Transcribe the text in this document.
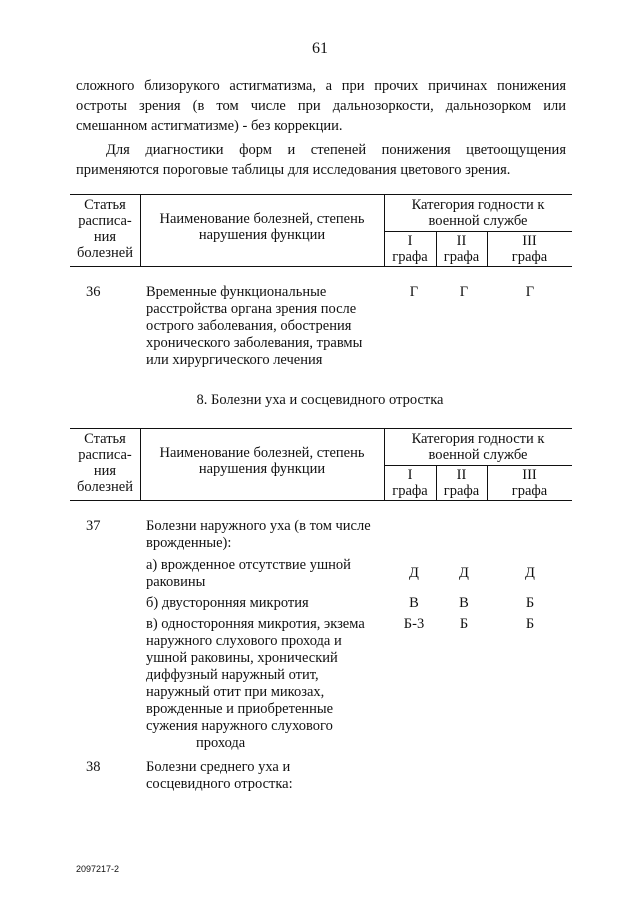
61
сложного близорукого астигматизма, а при прочих причинах понижения
остроты зрения (в том числе при дальнозоркости, дальнозорком или
смешанном астигматизме) - без коррекции.
Для диагностики форм и степеней понижения цветоощущения
применяются пороговые таблицы для исследования цветового зрения.
Статья
расписа-
ния
болезней
Наименование болезней, степень
нарушения функции
Категория годности к
военной службе
I
графа
II
графа
III
графа
36	Временные функциональные
расстройства органа зрения после
острого заболевания, обострения
хронического заболевания, травмы
или хирургического лечения
Г	Г	Г
8. Болезни уха и сосцевидного отростка
Статья
расписа-
ния
болезней
Наименование болезней, степень
нарушения функции
Категория годности к
военной службе
I
графа
II
графа
III
графа
37	Болезни наружного уха (в том числе
врожденные):
а) врожденное отсутствие ушной
раковины
Д	Д	Д
б) двусторонняя микротия	В	В	Б
в) односторонняя микротия, экзема
наружного слухового прохода и
ушной раковины, хронический
диффузный наружный отит,
наружный отит при микозах,
врожденные и приобретенные
сужения наружного слухового
прохода
Б-3	Б	Б
38	Болезни среднего уха и
сосцевидного отростка:
2097217-2
